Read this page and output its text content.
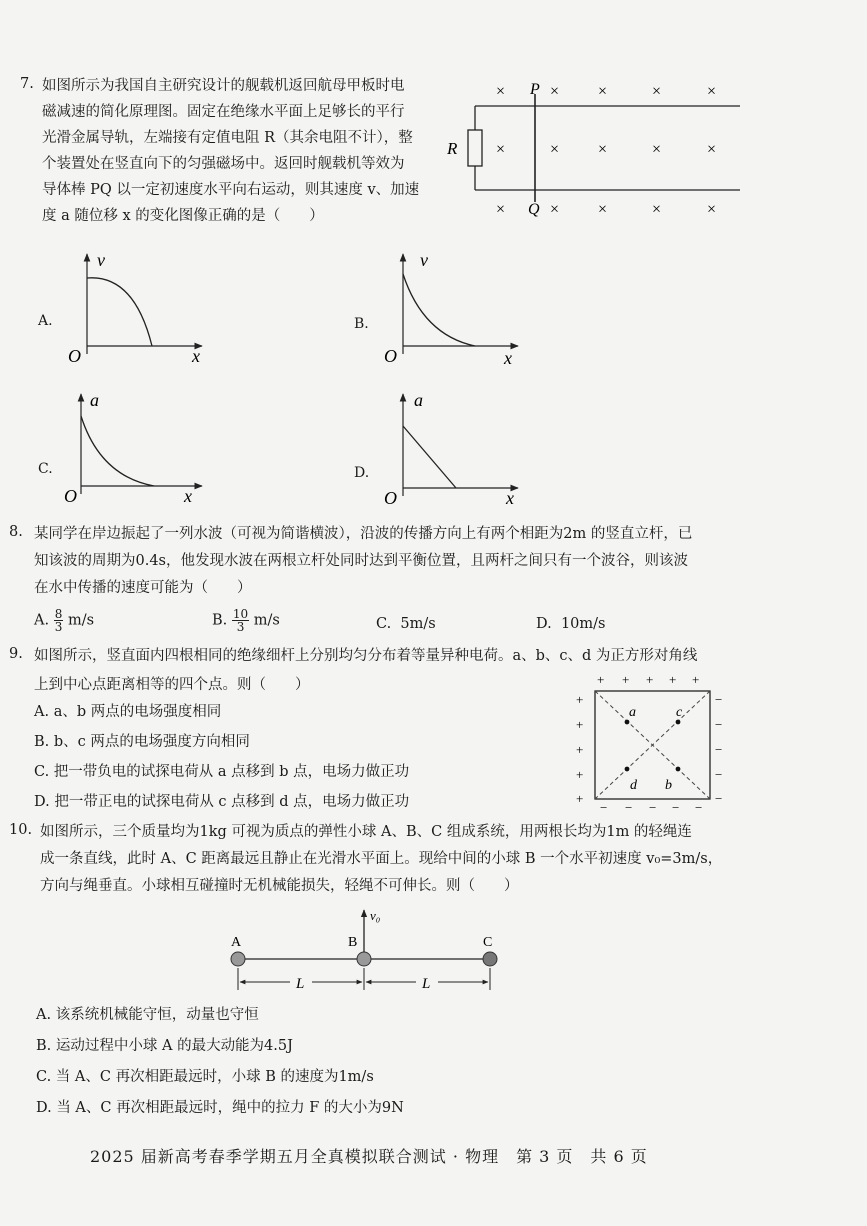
7. 如图所示为我国自主研究设计的舰载机返回航母甲板时电
磁减速的简化原理图。固定在绝缘水平面上足够长的平行
光滑金属导轨，左端接有定值电阻 R（其余电阻不计），整
个装置处在竖直向下的匀强磁场中。返回时舰载机等效为
导体棒 PQ 以一定初速度水平向右运动，则其速度 v、加速
度 a 随位移 x 的变化图像正确的是（　　）
R
P
Q
×	× ×	×	×
×	× ×	×	×
×	× ×	×	×
A.
v
O	x
B.
v
O	x
C.
a
O	x
D.
a
O	x
8. 某同学在岸边振起了一列水波（可视为简谐横波），沿波的传播方向上有两个相距为2m 的竖直立杆，已
知该波的周期为0.4s，他发现水波在两根立杆处同时达到平衡位置，且两杆之间只有一个波谷，则该波
在水中传播的速度可能为（　　）
A. $\frac{8}{3} m/s$	B. $\frac{10}{3} m/s$	C. 5m/s	D. 10m/s
9. 如图所示，竖直面内四根相同的绝缘细杆上分别均匀分布着等量异种电荷。a、b、c、d 为正方形对角线
上到中心点距离相等的四个点。则（　　）
A. a、b 两点的电场强度相同
B. b、c 两点的电场强度方向相同
C. 把一带负电的试探电荷从 a 点移到 b 点，电场力做正功
D. 把一带正电的试探电荷从 c 点移到 d 点，电场力做正功
+ + + + +
+
+
+
+
+
−
−
−
−
−
− − − − −
a	c
d b
10. 如图所示，三个质量均为1kg 可视为质点的弹性小球 A、B、C 组成系统，用两根长均为1m 的轻绳连
成一条直线，此时 A、C 距离最远且静止在光滑水平面上。现给中间的小球 B 一个水平初速度 v₀=3m/s，
方向与绳垂直。小球相互碰撞时无机械能损失，轻绳不可伸长。则（　　）
v₀
A	B	C
L	L
A. 该系统机械能守恒，动量也守恒
B. 运动过程中小球 A 的最大动能为4.5J
C. 当 A、C 再次相距最远时，小球 B 的速度为1m/s
D. 当 A、C 再次相距最远时，绳中的拉力 F 的大小为9N
2025 届新高考春季学期五月全真模拟联合测试 · 物理　第 3 页　共 6 页
